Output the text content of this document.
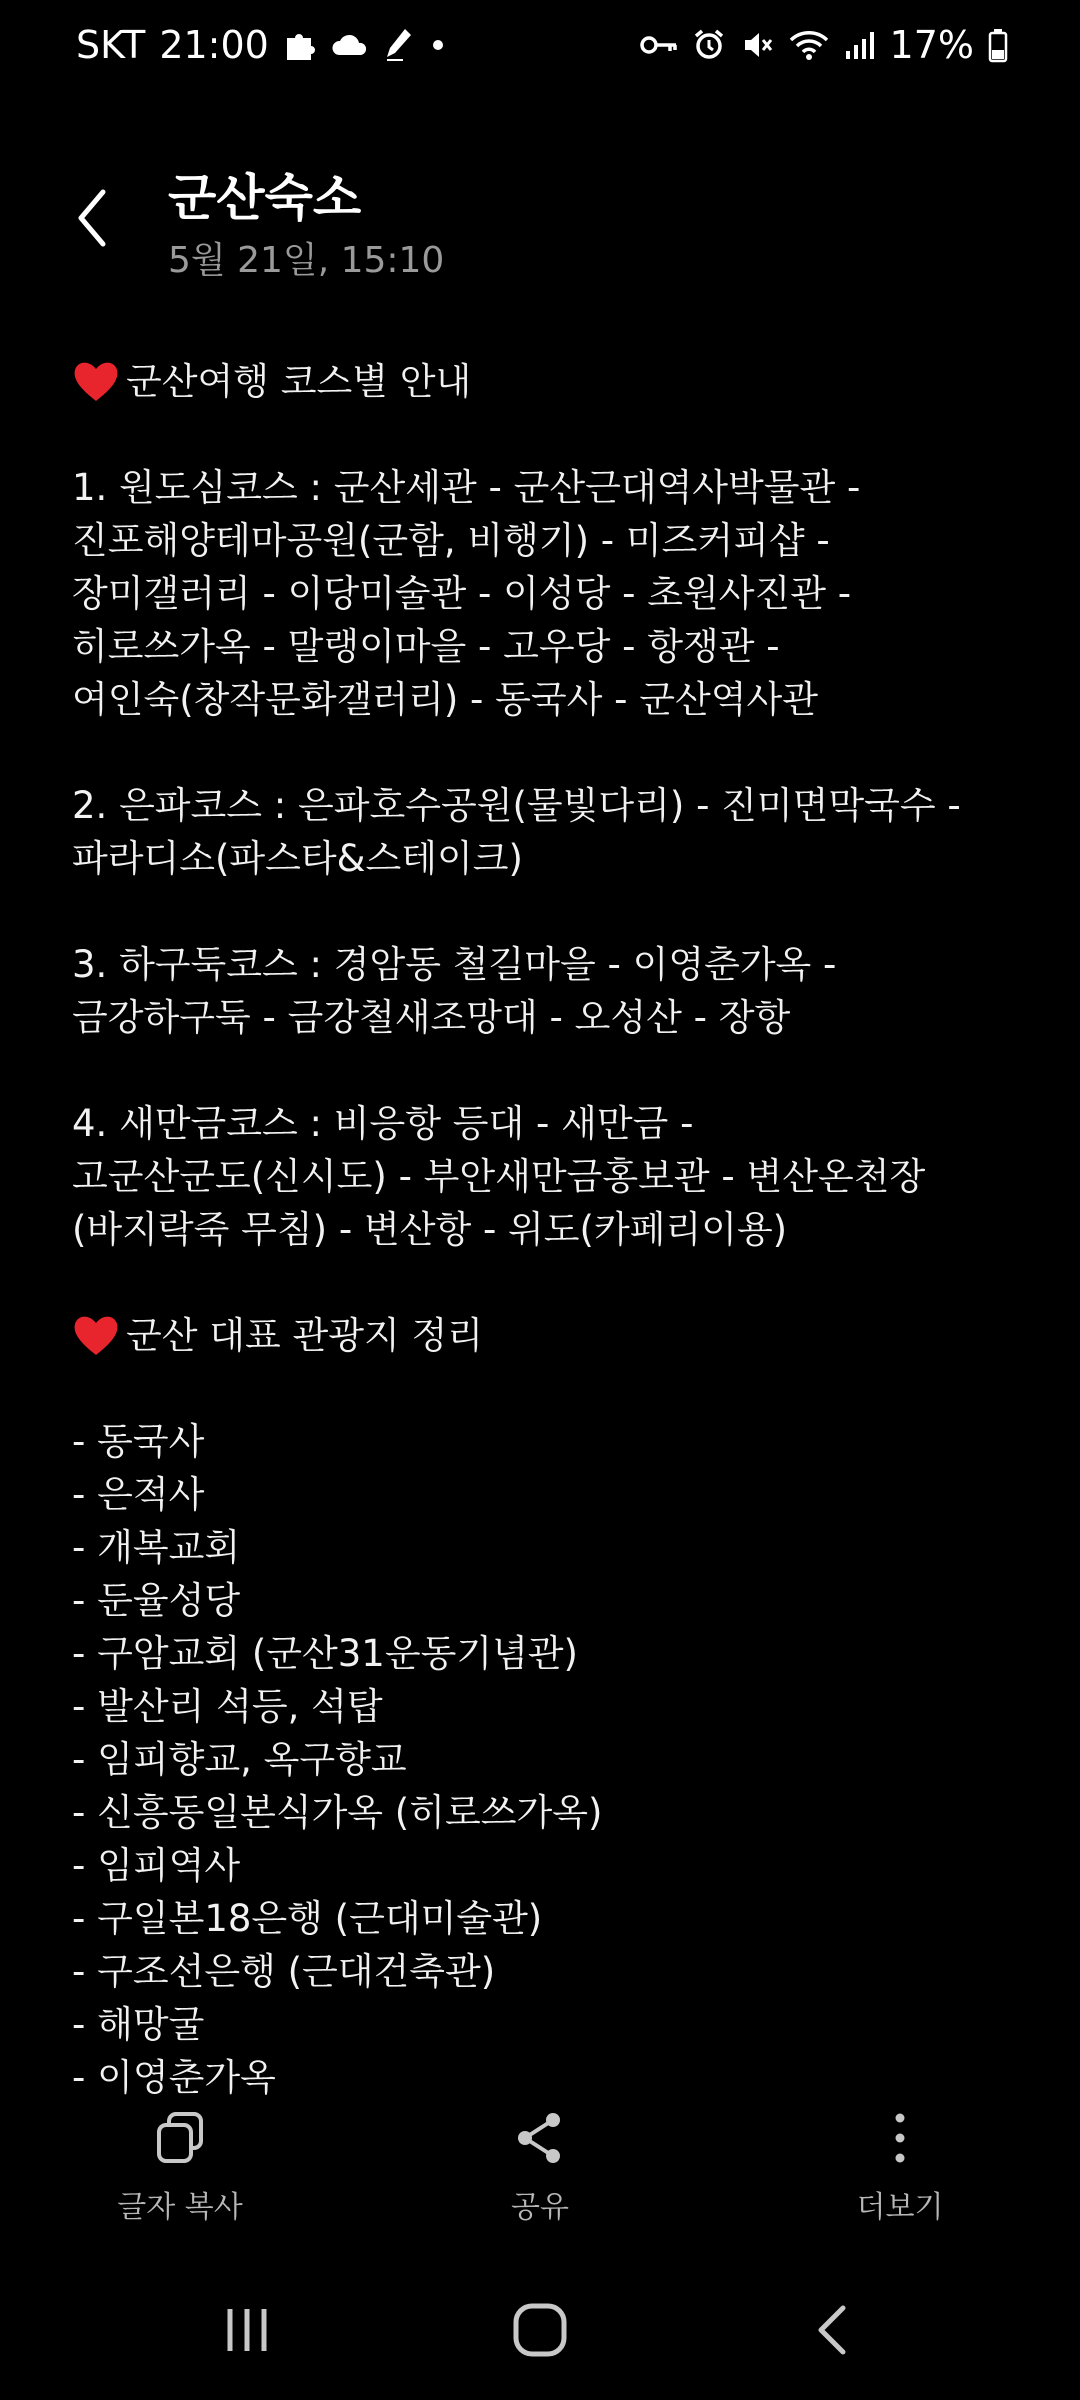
SKT 21:00	17%
군산숙소
5월 21일, 15:10
군산여행 코스별 안내
1. 원도심코스 : 군산세관 - 군산근대역사박물관 -
진포해양테마공원(군함, 비행기) - 미즈커피샵 -
장미갤러리 - 이당미술관 - 이성당 - 초원사진관 -
히로쓰가옥 - 말랭이마을 - 고우당 - 항쟁관 -
여인숙(창작문화갤러리) - 동국사 - 군산역사관
2. 은파코스 : 은파호수공원(물빛다리) - 진미면막국수 -
파라디소(파스타&스테이크)
3. 하구둑코스 : 경암동 철길마을 - 이영춘가옥 -
금강하구둑 - 금강철새조망대 - 오성산 - 장항
4. 새만금코스 : 비응항 등대 - 새만금 -
고군산군도(신시도) - 부안새만금홍보관 - 변산온천장
(바지락죽 무침) - 변산항 - 위도(카페리이용)
군산 대표 관광지 정리
- 동국사
- 은적사
- 개복교회
- 둔율성당
- 구암교회 (군산31운동기념관)
- 발산리 석등, 석탑
- 임피향교, 옥구향교
- 신흥동일본식가옥 (히로쓰가옥)
- 임피역사
- 구일본18은행 (근대미술관)
- 구조선은행 (근대건축관)
- 해망굴
- 이영춘가옥
글자 복사	공유	더보기
